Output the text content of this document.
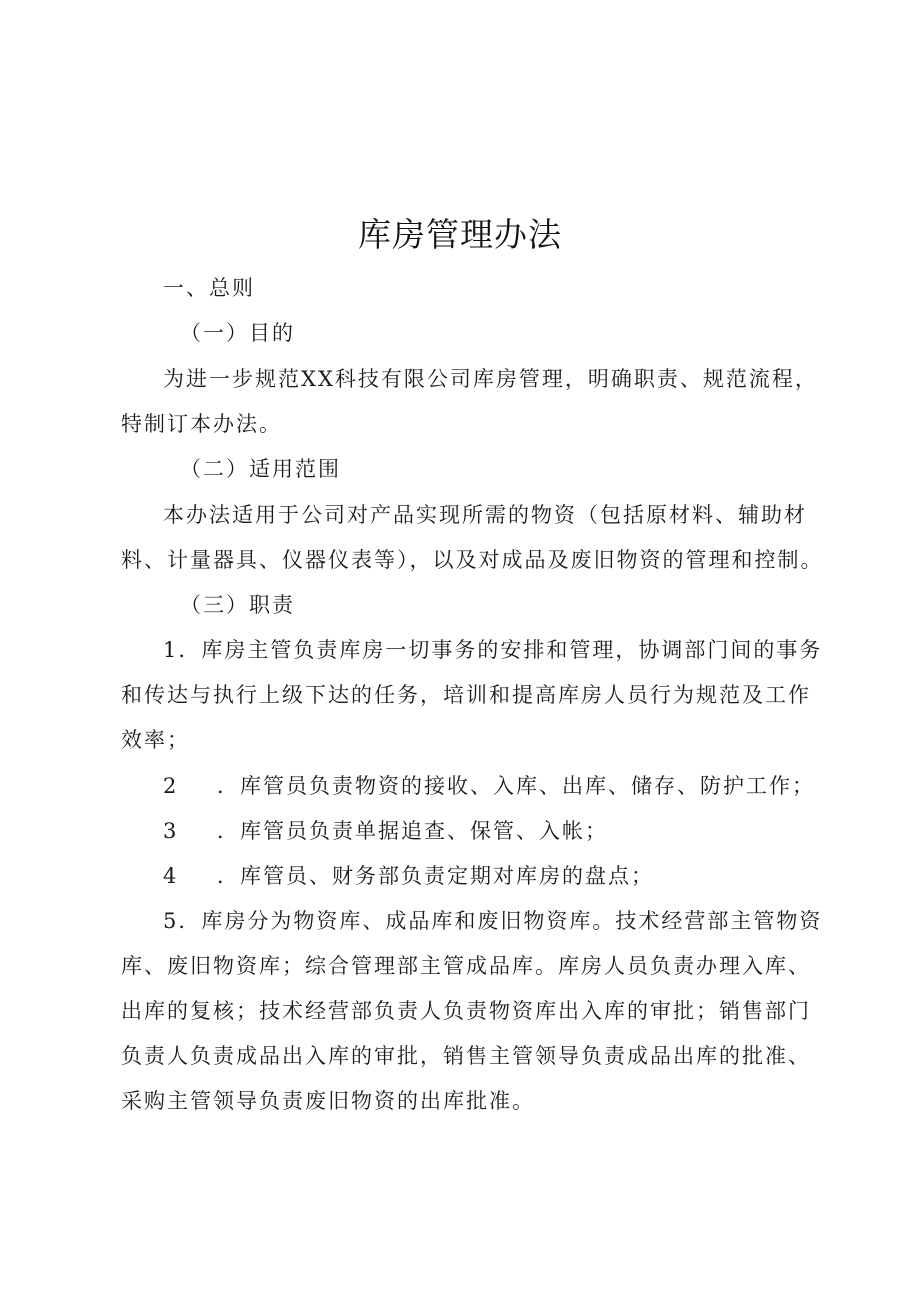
库房管理办法
一、总则
（一）目的
为进一步规范XX科技有限公司库房管理，明确职责、规范流程，
特制订本办法。
（二）适用范围
本办法适用于公司对产品实现所需的物资（包括原材料、辅助材
料、计量器具、仪器仪表等），以及对成品及废旧物资的管理和控制。
（三）职责
1．库房主管负责库房一切事务的安排和管理，协调部门间的事务
和传达与执行上级下达的任务，培训和提高库房人员行为规范及工作
效率；
2 ．库管员负责物资的接收、入库、出库、储存、防护工作；
3 ．库管员负责单据追查、保管、入帐；
4 ．库管员、财务部负责定期对库房的盘点；
5．库房分为物资库、成品库和废旧物资库。技术经营部主管物资
库、废旧物资库；综合管理部主管成品库。库房人员负责办理入库、
出库的复核；技术经营部负责人负责物资库出入库的审批；销售部门
负责人负责成品出入库的审批，销售主管领导负责成品出库的批准、
采购主管领导负责废旧物资的出库批准。
